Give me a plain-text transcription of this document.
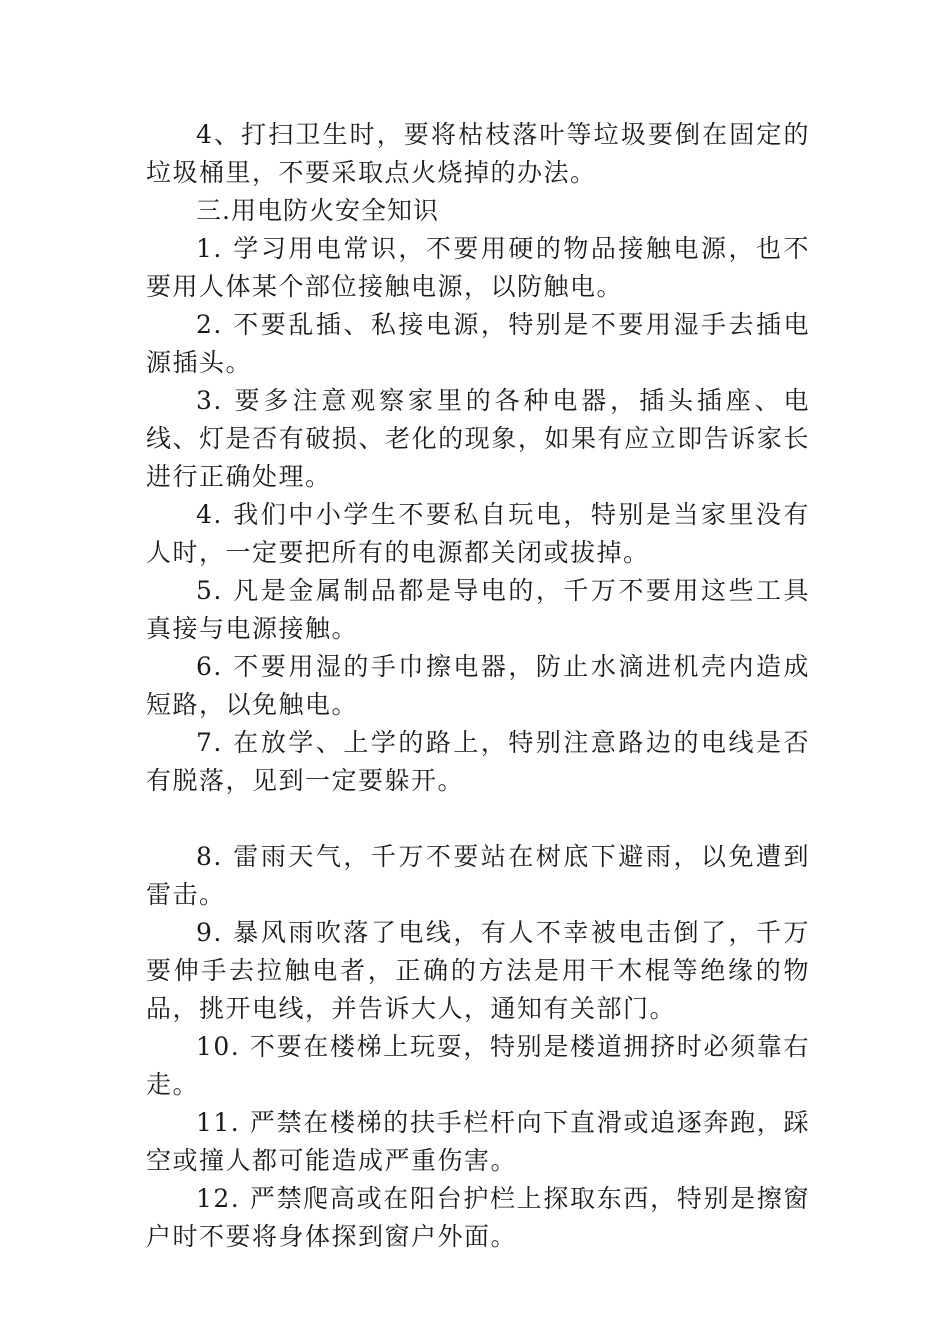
4、打扫卫生时，要将枯枝落叶等垃圾要倒在固定的垃圾桶里，不要采取点火烧掉的办法。

三.用电防火安全知识

1. 学习用电常识，不要用硬的物品接触电源，也不要用人体某个部位接触电源，以防触电。

2. 不要乱插、私接电源，特别是不要用湿手去插电源插头。

3. 要多注意观察家里的各种电器，插头插座、电线、灯是否有破损、老化的现象，如果有应立即告诉家长进行正确处理。

4. 我们中小学生不要私自玩电，特别是当家里没有人时，一定要把所有的电源都关闭或拔掉。

5. 凡是金属制品都是导电的，千万不要用这些工具真接与电源接触。

6. 不要用湿的手巾擦电器，防止水滴进机壳内造成短路，以免触电。

7. 在放学、上学的路上，特别注意路边的电线是否有脱落，见到一定要躲开。

8. 雷雨天气，千万不要站在树底下避雨，以免遭到雷击。

9. 暴风雨吹落了电线，有人不幸被电击倒了，千万要伸手去拉触电者，正确的方法是用干木棍等绝缘的物品，挑开电线，并告诉大人，通知有关部门。

10. 不要在楼梯上玩耍，特别是楼道拥挤时必须靠右走。

11. 严禁在楼梯的扶手栏杆向下直滑或追逐奔跑，踩空或撞人都可能造成严重伤害。

12. 严禁爬高或在阳台护栏上探取东西，特别是擦窗户时不要将身体探到窗户外面。
